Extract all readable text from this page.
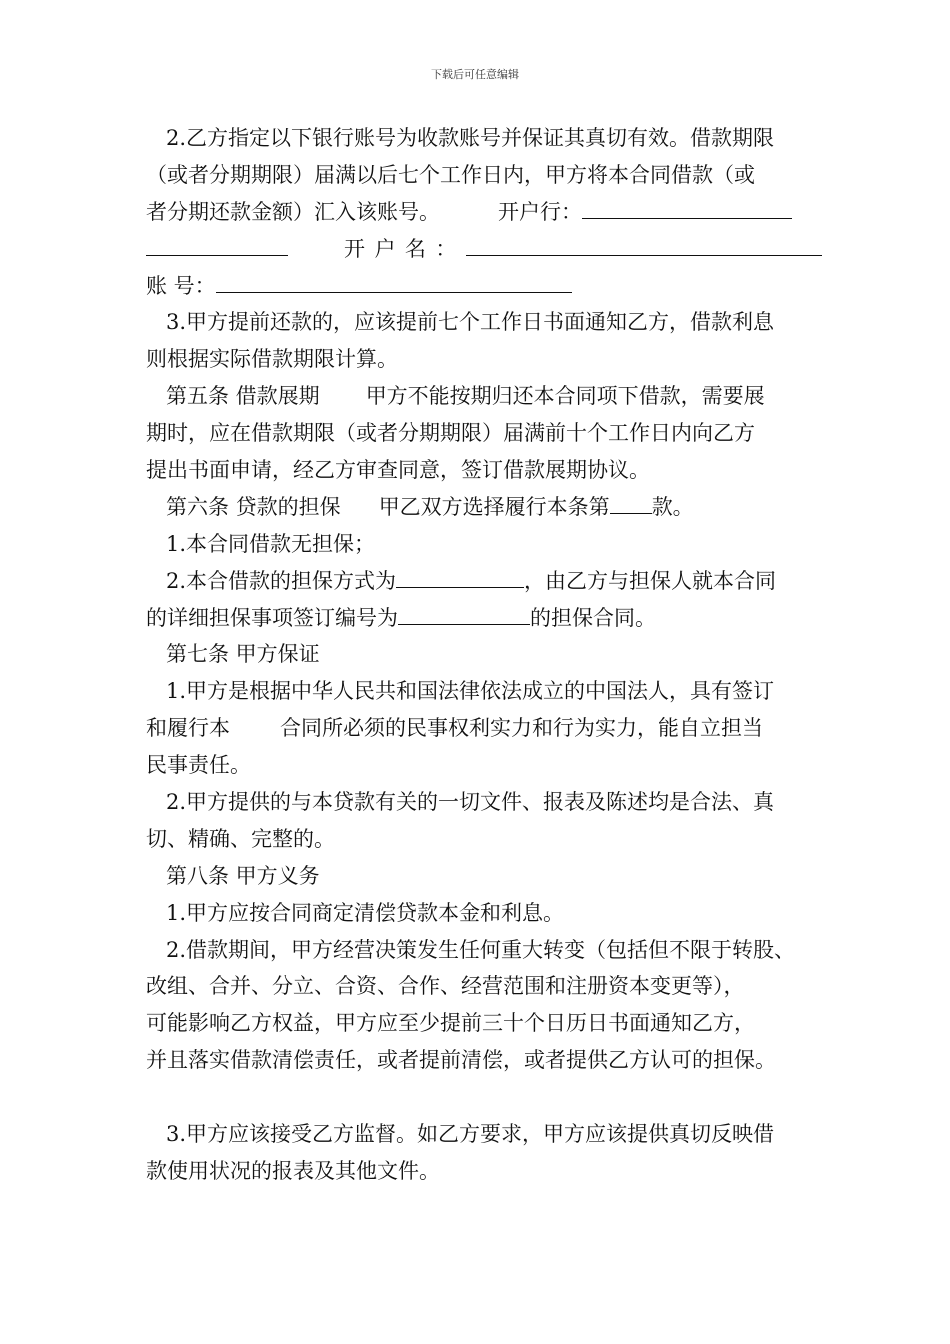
下载后可任意编辑
2.乙方指定以下银行账号为收款账号并保证其真切有效。借款期限
（或者分期期限）届满以后七个工作日内，甲方将本合同借款（或
者分期还款金额）汇入该账号。	开户行：
开户名：
账 号：
3.甲方提前还款的，应该提前七个工作日书面通知乙方，借款利息
则根据实际借款期限计算。
第五条 借款展期 甲方不能按期归还本合同项下借款，需要展
期时，应在借款期限（或者分期期限）届满前十个工作日内向乙方
提出书面申请，经乙方审查同意，签订借款展期协议。
第六条 贷款的担保 甲乙双方选择履行本条第 款。
1.本合同借款无担保；
2.本合借款的担保方式为	，由乙方与担保人就本合同
的详细担保事项签订编号为	的担保合同。
第七条 甲方保证
1.甲方是根据中华人民共和国法律依法成立的中国法人，具有签订
和履行本 合同所必须的民事权利实力和行为实力，能自立担当
民事责任。
2.甲方提供的与本贷款有关的一切文件、报表及陈述均是合法、真
切、精确、完整的。
第八条 甲方义务
1.甲方应按合同商定清偿贷款本金和利息。
2.借款期间，甲方经营决策发生任何重大转变（包括但不限于转股、
改组、合并、分立、合资、合作、经营范围和注册资本变更等），
可能影响乙方权益，甲方应至少提前三十个日历日书面通知乙方，
并且落实借款清偿责任，或者提前清偿，或者提供乙方认可的担保。
3.甲方应该接受乙方监督。如乙方要求，甲方应该提供真切反映借
款使用状况的报表及其他文件。
